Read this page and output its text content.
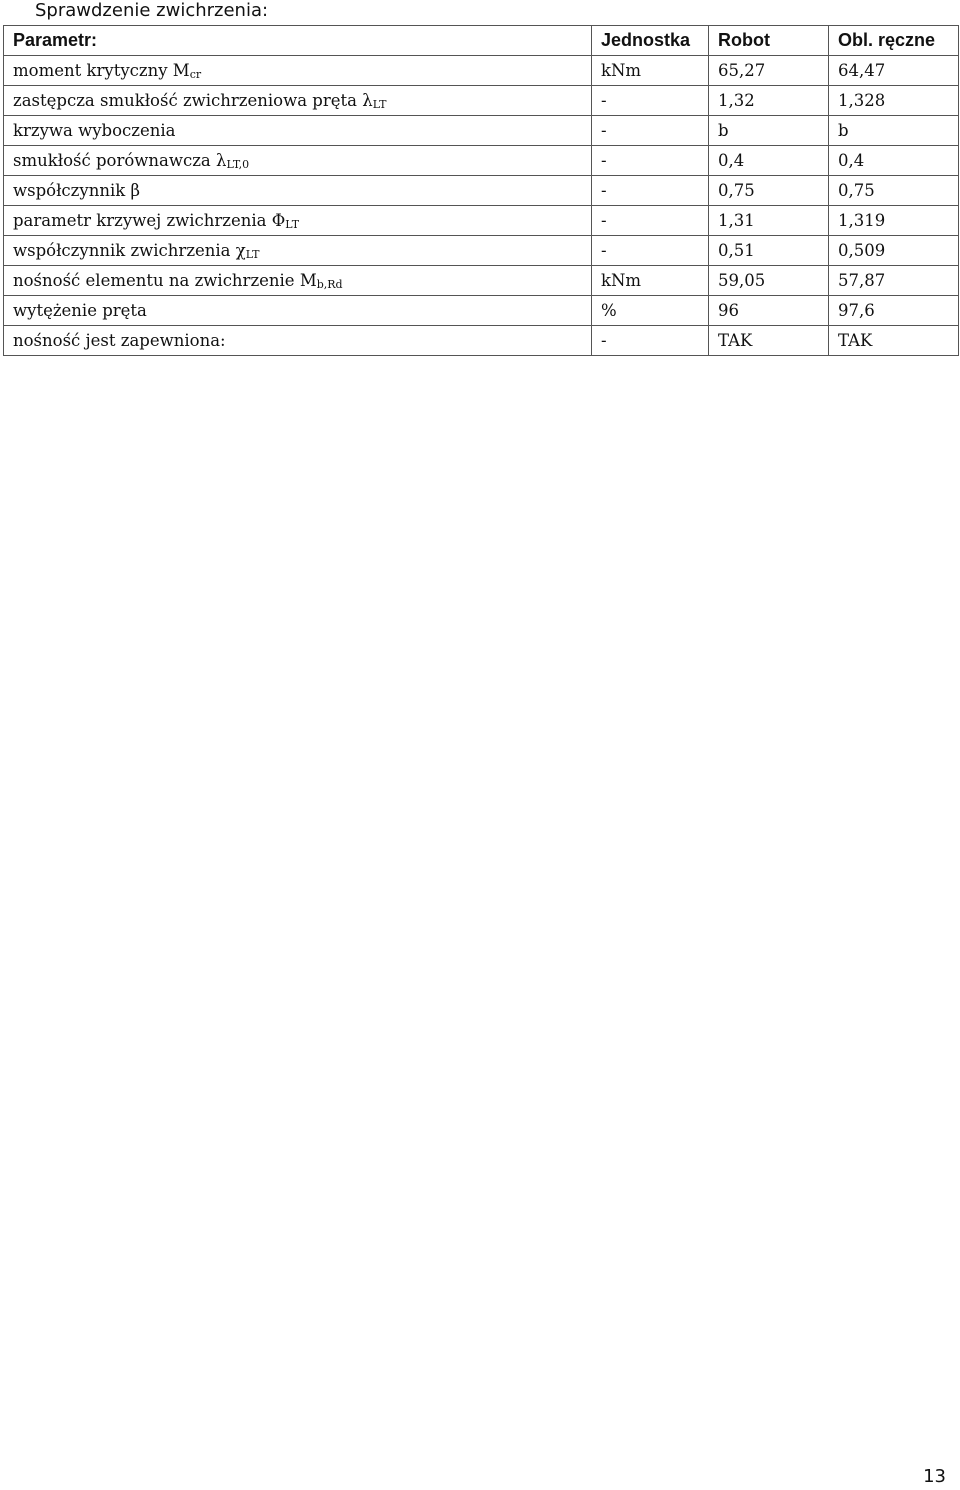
Sprawdzenie zwichrzenia:
Parametr:	Jednostka	Robot	Obl. ręczne
moment krytyczny $M_{cr}$	kNm	65,27	64,47
zastępcza smukłość zwichrzeniowa pręta $\lambda_{LT}$	-	1,32	1,328
krzywa wyboczenia	-	b	b
smukłość porównawcza $\lambda_{LT,0}$	-	0,4	0,4
współczynnik β	-	0,75	0,75
parametr krzywej zwichrzenia $\Phi_{LT}$	-	1,31	1,319
współczynnik zwichrzenia $\chi_{LT}$	-	0,51	0,509
nośność elementu na zwichrzenie $M_{b,Rd}$	kNm	59,05	57,87
wytężenie pręta	%	96	97,6
nośność jest zapewniona:	-	TAK	TAK
13
